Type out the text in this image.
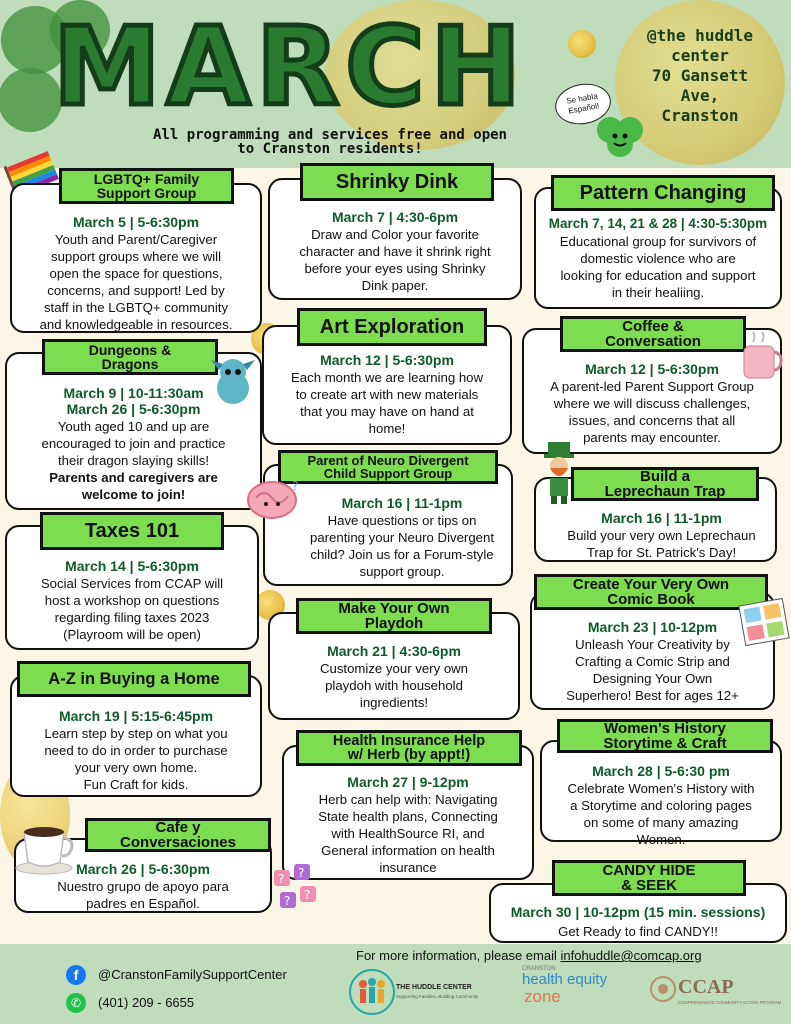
MARCH
All programming and services free and open
to Cranston residents!
@the huddle
center
70 Gansett
Ave,
Cranston
Se habla
Español!
March 5 | 5-6:30pm
Youth and Parent/Caregiver
support groups where we will
open the space for questions,
concerns, and support! Led by
staff in the LGBTQ+ community
and knowledgeable in resources.
LGBTQ+ Family
Support Group
March 7 | 4:30-6pm
Draw and Color your favorite
character and have it shrink right
before your eyes using Shrinky
Dink paper.
Shrinky Dink
March 7, 14, 21 & 28 | 4:30-5:30pm
Educational group for survivors of
domestic violence who are
looking for education and support
in their healiing.
Pattern Changing
March 9 | 10-11:30am
March 26 | 5-6:30pm
Youth aged 10 and up are
encouraged to join and practice
their dragon slaying skills!
Parents and caregivers are
welcome to join!
Dungeons &
Dragons	March 12 | 5-6:30pm
Each month we are learning how
to create art with new materials
that you may have on hand at
home!
Art Exploration
March 12 | 5-6:30pm
A parent-led Parent Support Group
where we will discuss challenges,
issues, and concerns that all
parents may encounter.
Coffee &
Conversation
March 16 | 11-1pm
Have questions or tips on
parenting your Neuro Divergent
child? Join us for a Forum-style
support group.
Parent of Neuro Divergent
Child Support Group
?
March 16 | 11-1pm
Build your very own Leprechaun
Trap for St. Patrick's Day!
Build a
Leprechaun Trap
March 14 | 5-6:30pm
Social Services from CCAP will
host a workshop on questions
regarding filing taxes 2023
(Playroom will be open)
Taxes 101
March 21 | 4:30-6pm
Customize your very own
playdoh with household
ingredients!
Make Your Own
Playdoh	March 23 | 10-12pm
Unleash Your Creativity by
Crafting a Comic Strip and
Designing Your Own
Superhero! Best for ages 12+
Create Your Very Own
Comic Book
March 19 | 5:15-6:45pm
Learn step by step on what you
need to do in order to purchase
your very own home.
Fun Craft for kids.
A-Z in Buying a Home
March 27 | 9-12pm
Herb can help with: Navigating
State health plans, Connecting
with HealthSource RI, and
General information on health
insurance
Health Insurance Help
w/ Herb (by appt!)
March 28 | 5-6:30 pm
Celebrate Women's History with
a Storytime and coloring pages
on some of many amazing
Women.
Women's History
Storytime & Craft
March 26 | 5-6:30pm
Nuestro grupo de apoyo para
padres en Español.
Cafe y
Conversaciones
? ?
? ?
March 30 | 10-12pm (15 min. sessions)
Get Ready to find CANDY!!
CANDY HIDE
& SEEK
For more information, please email infohuddle@comcap.org
f	@CranstonFamilySupportCenter
✆	(401) 209 - 6655
THE HUDDLE CENTER
Supporting Families, Building Community
CRANSTON
health equity
zone	CCAP
COMPREHENSIVE COMMUNITY ACTION PROGRAM
